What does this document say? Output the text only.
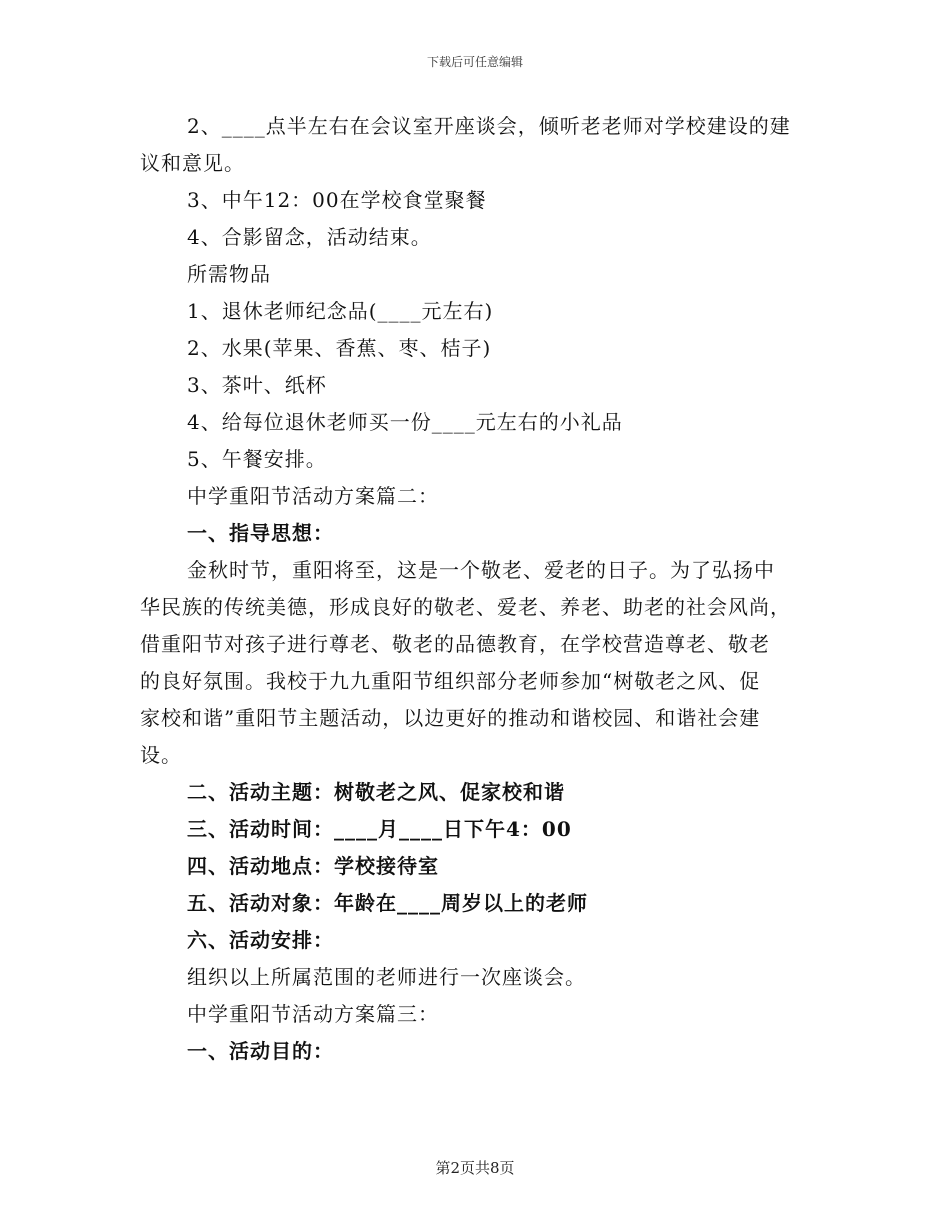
下载后可任意编辑
2、____点半左右在会议室开座谈会，倾听老老师对学校建设的建
议和意见。
3、中午12：00在学校食堂聚餐
4、合影留念，活动结束。
所需物品
1、退休老师纪念品(____元左右)
2、水果(苹果、香蕉、枣、桔子)
3、茶叶、纸杯
4、给每位退休老师买一份____元左右的小礼品
5、午餐安排。
中学重阳节活动方案篇二：
一、指导思想：
金秋时节，重阳将至，这是一个敬老、爱老的日子。为了弘扬中
华民族的传统美德，形成良好的敬老、爱老、养老、助老的社会风尚，
借重阳节对孩子进行尊老、敬老的品德教育，在学校营造尊老、敬老
的良好氛围。我校于九九重阳节组织部分老师参加“树敬老之风、促
家校和谐”重阳节主题活动，以边更好的推动和谐校园、和谐社会建
设。
二、活动主题：树敬老之风、促家校和谐
三、活动时间：____月____日下午4：00
四、活动地点：学校接待室
五、活动对象：年龄在____周岁以上的老师
六、活动安排：
组织以上所属范围的老师进行一次座谈会。
中学重阳节活动方案篇三：
一、活动目的：
第2页共8页
